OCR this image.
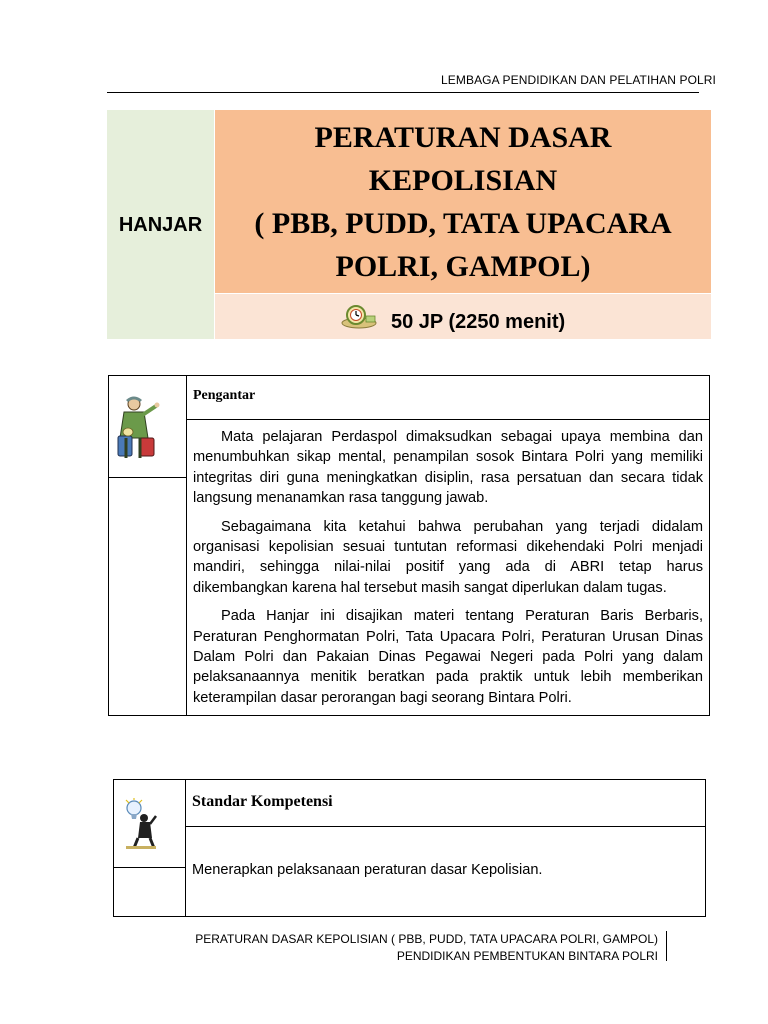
LEMBAGA PENDIDIKAN DAN PELATIHAN POLRI
HANJAR
PERATURAN DASAR
KEPOLISIAN
( PBB, PUDD, TATA UPACARA
POLRI, GAMPOL)
50 JP (2250 menit)
Pengantar

Mata pelajaran Perdaspol dimaksudkan sebagai upaya membina dan menumbuhkan sikap mental, penampilan sosok Bintara Polri yang memiliki integritas diri guna meningkatkan disiplin, rasa persatuan dan secara tidak langsung menanamkan rasa tanggung jawab.

Sebagaimana kita ketahui bahwa perubahan yang terjadi didalam organisasi kepolisian sesuai tuntutan reformasi dikehendaki Polri menjadi mandiri, sehingga nilai-nilai positif yang ada di ABRI tetap harus dikembangkan karena hal tersebut masih sangat diperlukan dalam tugas.

Pada Hanjar ini disajikan materi tentang Peraturan Baris Berbaris, Peraturan Penghormatan Polri, Tata Upacara Polri, Peraturan Urusan Dinas Dalam Polri dan Pakaian Dinas Pegawai Negeri pada Polri yang dalam pelaksanaannya menitik beratkan pada praktik untuk lebih memberikan keterampilan dasar perorangan bagi seorang Bintara Polri.

Standar Kompetensi
Menerapkan pelaksanaan peraturan dasar Kepolisian.
PERATURAN DASAR KEPOLISIAN ( PBB, PUDD, TATA UPACARA POLRI, GAMPOL)
PENDIDIKAN PEMBENTUKAN BINTARA POLRI
